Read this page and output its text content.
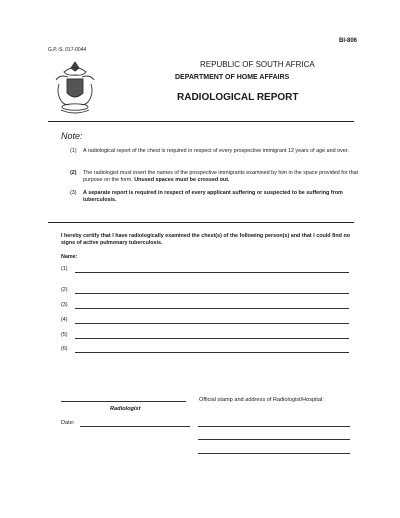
BI-806
G.P.-S. 017-0044
REPUBLIC OF SOUTH AFRICA
DEPARTMENT OF HOME AFFAIRS
RADIOLOGICAL REPORT
Note:
(1) A radiological report of the chest is required in respect of every prospective immigrant 12 years of age and over.
(2) The radiologist must insert the names of the prospective immigrants examined by him in the space provided for that purpose on the form. Unused spaces must be crossed out.
(3) A separate report is required in respect of every applicant suffering or suspected to be suffering from tuberculosis.
I hereby certify that I have radiologically examined the chest(s) of the following person(s) and that I could find no signs of active pulmonary tuberculosis.
Name:
(1)
(2)
(3)
(4)
(5)
(6)
Radiologist
Official stamp and address of Radiologist/Hospital:
Date:
